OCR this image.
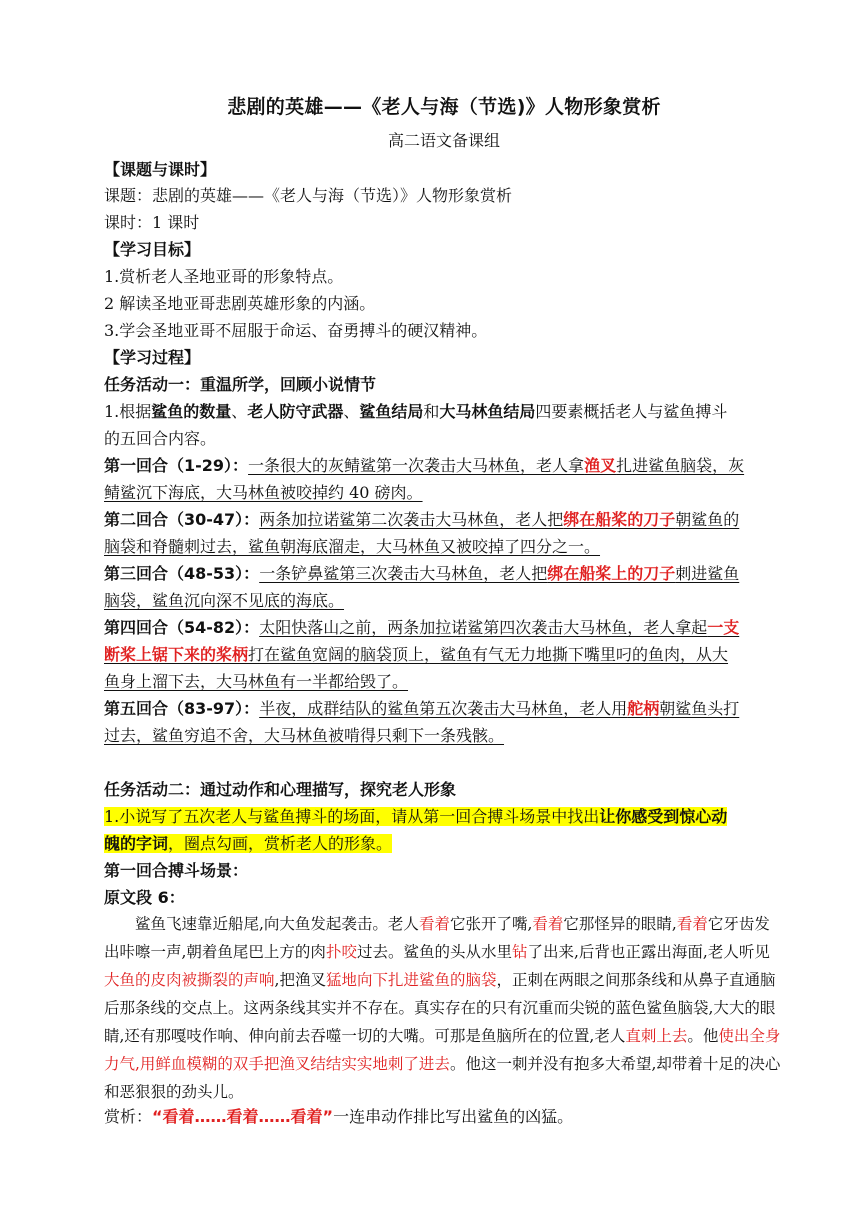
悲剧的英雄——《老人与海（节选)》人物形象赏析
高二语文备课组
【课题与课时】
课题：悲剧的英雄——《老人与海（节选）》人物形象赏析
课时：1 课时
【学习目标】
1.赏析老人圣地亚哥的形象特点。
2 解读圣地亚哥悲剧英雄形象的内涵。
3.学会圣地亚哥不屈服于命运、奋勇搏斗的硬汉精神。
【学习过程】
任务活动一：重温所学，回顾小说情节
1.根据鲨鱼的数量、老人防守武器、鲨鱼结局和大马林鱼结局四要素概括老人与鲨鱼搏斗
的五回合内容。
第一回合（1-29）：一条很大的灰鲭鲨第一次袭击大马林鱼，老人拿渔叉扎进鲨鱼脑袋，灰
鲭鲨沉下海底，大马林鱼被咬掉约 40 磅肉。
第二回合（30-47）：两条加拉诺鲨第二次袭击大马林鱼，老人把绑在船桨的刀子朝鲨鱼的
脑袋和脊髓刺过去，鲨鱼朝海底溜走，大马林鱼又被咬掉了四分之一。
第三回合（48-53）：一条铲鼻鲨第三次袭击大马林鱼，老人把绑在船桨上的刀子刺进鲨鱼
脑袋，鲨鱼沉向深不见底的海底。
第四回合（54-82）：太阳快落山之前，两条加拉诺鲨第四次袭击大马林鱼，老人拿起一支
断桨上锯下来的桨柄打在鲨鱼宽阔的脑袋顶上，鲨鱼有气无力地撕下嘴里叼的鱼肉，从大
鱼身上溜下去，大马林鱼有一半都给毁了。
第五回合（83-97）：半夜，成群结队的鲨鱼第五次袭击大马林鱼，老人用舵柄朝鲨鱼头打
过去，鲨鱼穷追不舍，大马林鱼被啃得只剩下一条残骸。
任务活动二：通过动作和心理描写，探究老人形象
1.小说写了五次老人与鲨鱼搏斗的场面，请从第一回合搏斗场景中找出让你感受到惊心动
魄的字词，圈点勾画，赏析老人的形象。
第一回合搏斗场景：
原文段 6：
鲨鱼飞速靠近船尾,向大鱼发起袭击。老人看着它张开了嘴,看着它那怪异的眼睛,看着它牙齿发出咔嚓一声,朝着鱼尾巴上方的肉扑咬过去。鲨鱼的头从水里钻了出来,后背也正露出海面,老人听见大鱼的皮肉被撕裂的声响,把渔叉猛地向下扎进鲨鱼的脑袋，正刺在两眼之间那条线和从鼻子直通脑后那条线的交点上。这两条线其实并不存在。真实存在的只有沉重而尖锐的蓝色鲨鱼脑袋,大大的眼睛,还有那嘎吱作响、伸向前去吞噬一切的大嘴。可那是鱼脑所在的位置,老人直刺上去。他使出全身力气,用鲜血模糊的双手把渔叉结结实实地刺了进去。他这一刺并没有抱多大希望,却带着十足的决心和恶狠狠的劲头儿。
赏析：“看着……看着……看着”一连串动作排比写出鲨鱼的凶猛。
